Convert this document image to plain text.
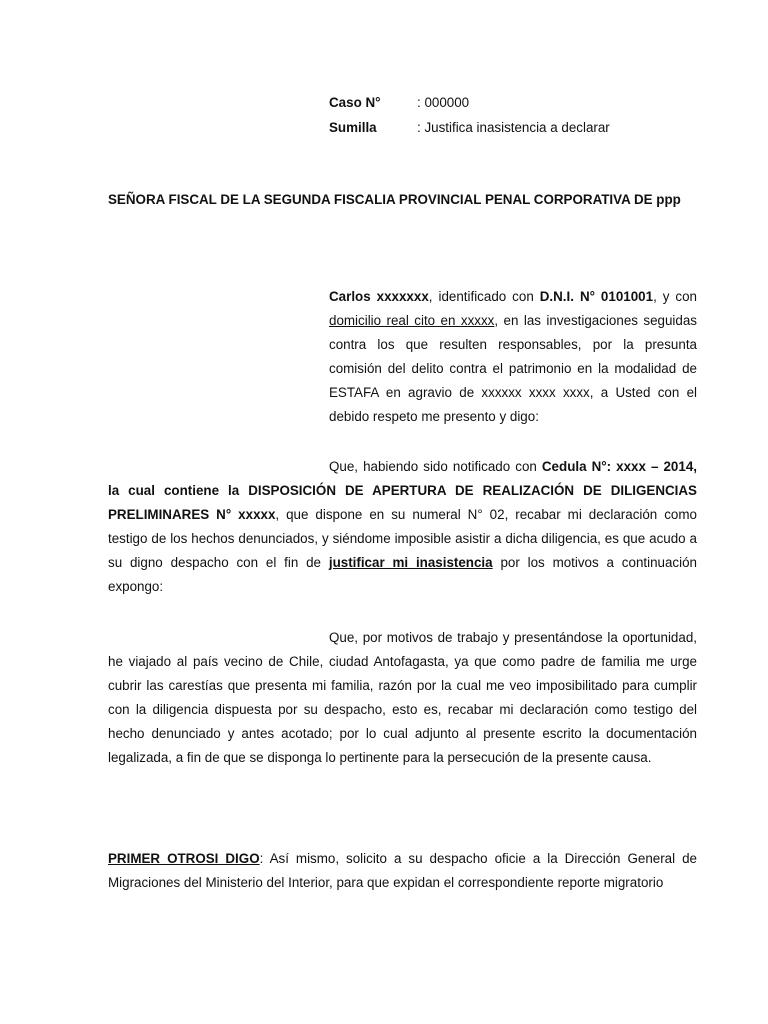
Caso N°	: 000000
Sumilla	: Justifica inasistencia a declarar
SEÑORA FISCAL DE LA SEGUNDA FISCALIA PROVINCIAL PENAL CORPORATIVA DE ppp
Carlos xxxxxxx, identificado con D.N.I. N° 0101001, y con domicilio real cito en xxxxx, en las investigaciones seguidas contra los que resulten responsables, por la presunta comisión del delito contra el patrimonio en la modalidad de ESTAFA en agravio de xxxxxx xxxx xxxx, a Usted con el debido respeto me presento y digo:
Que, habiendo sido notificado con Cedula N°: xxxx – 2014, la cual contiene la DISPOSICIÓN DE APERTURA DE REALIZACIÓN DE DILIGENCIAS PRELIMINARES N° xxxxx, que dispone en su numeral N° 02, recabar mi declaración como testigo de los hechos denunciados, y siéndome imposible asistir a dicha diligencia, es que acudo a su digno despacho con el fin de justificar mi inasistencia por los motivos a continuación expongo:
Que, por motivos de trabajo y presentándose la oportunidad, he viajado al país vecino de Chile, ciudad Antofagasta, ya que como padre de familia me urge cubrir las carestías que presenta mi familia, razón por la cual me veo imposibilitado para cumplir con la diligencia dispuesta por su despacho, esto es, recabar mi declaración como testigo del hecho denunciado y antes acotado; por lo cual adjunto al presente escrito la documentación legalizada, a fin de que se disponga lo pertinente para la persecución de la presente causa.
PRIMER OTROSI DIGO: Así mismo, solicito a su despacho oficie a la Dirección General de Migraciones del Ministerio del Interior, para que expidan el correspondiente reporte migratorio
